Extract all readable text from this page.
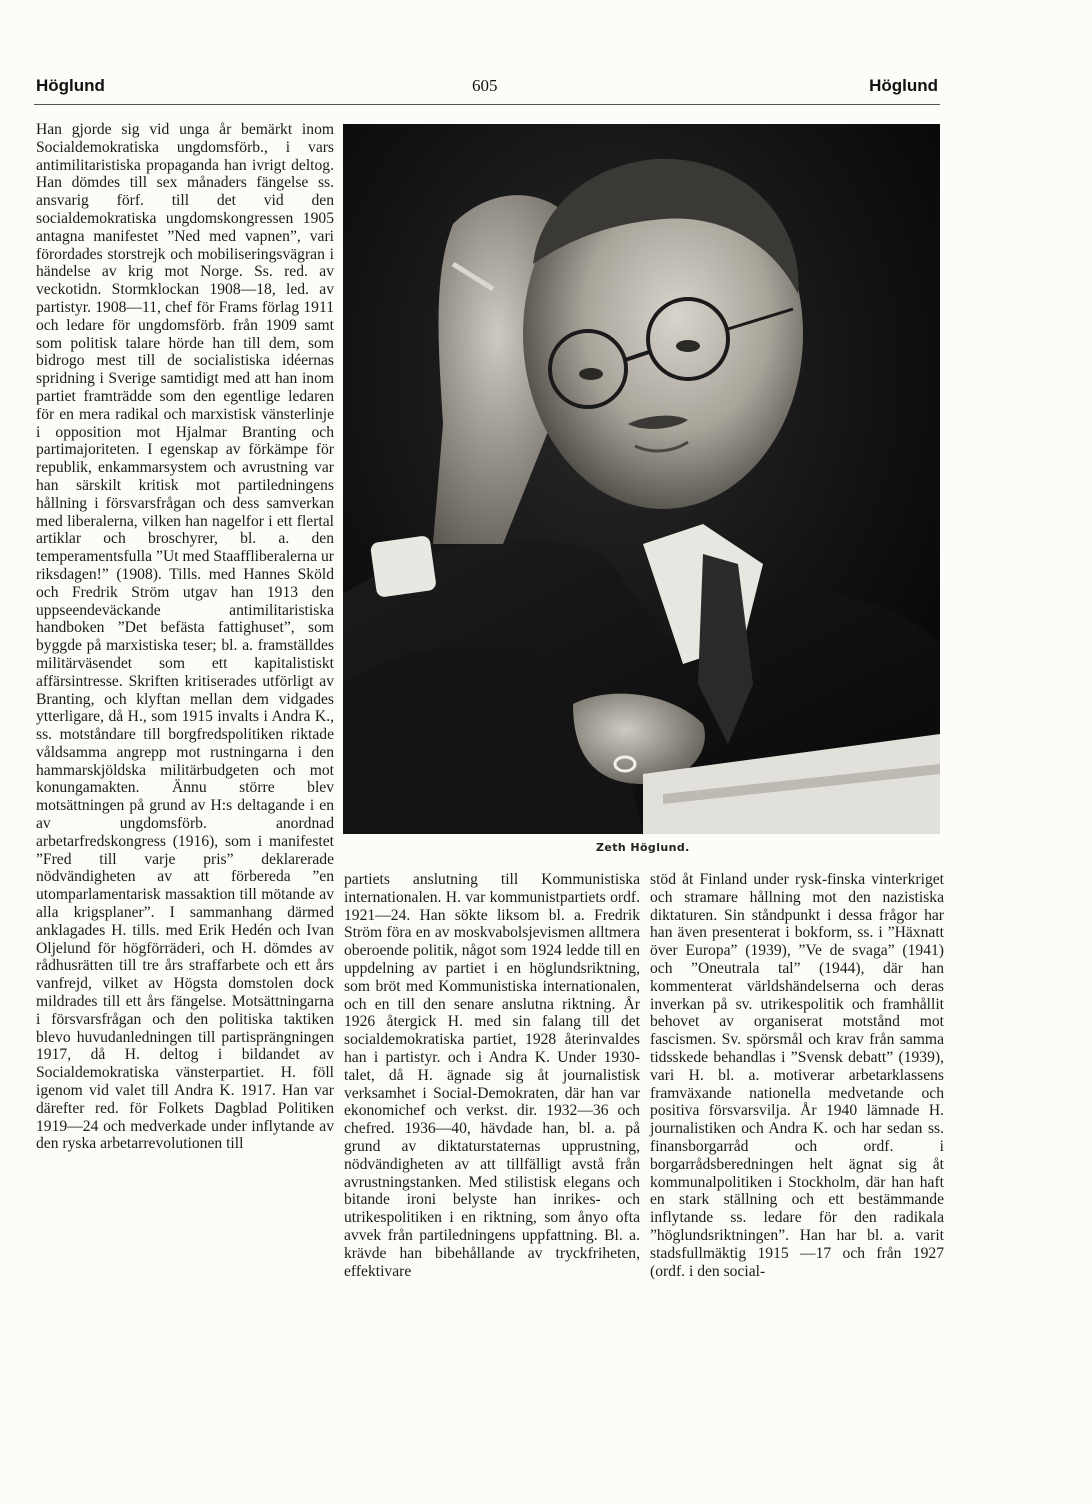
Höglund	605	Höglund

Han gjorde sig vid unga år bemärkt inom Socialdemokratiska ungdomsförb., i vars antimilitaristiska propaganda han ivrigt deltog. Han dömdes till sex månaders fängelse ss. ansvarig förf. till det vid den socialdemokratiska ungdomskongressen 1905 antagna manifestet ”Ned med vapnen”, vari förordades storstrejk och mobiliseringsvägran i händelse av krig mot Norge. Ss. red. av veckotidn. Stormklockan 1908—18, led. av partistyr. 1908—11, chef för Frams förlag 1911 och ledare för ungdomsförb. från 1909 samt som politisk talare hörde han till dem, som bidrogo mest till de socialistiska idéernas spridning i Sverige samtidigt med att han inom partiet framträdde som den egentlige ledaren för en mera radikal och marxistisk vänsterlinje i opposition mot Hjalmar Branting och partimajoriteten. I egenskap av förkämpe för republik, enkammarsystem och avrustning var han särskilt kritisk mot partiledningens hållning i försvarsfrågan och dess samverkan med liberalerna, vilken han nagelfor i ett flertal artiklar och broschyrer, bl. a. den temperamentsfulla ”Ut med Staaffliberalerna ur riksdagen!” (1908). Tills. med Hannes Sköld och Fredrik Ström utgav han 1913 den uppseendeväckande antimilitaristiska handboken ”Det befästa fattighuset”, som byggde på marxistiska teser; bl. a. framställdes militärväsendet som ett kapitalistiskt affärsintresse. Skriften kritiserades utförligt av Branting, och klyftan mellan dem vidgades ytterligare, då H., som 1915 invalts i Andra K., ss. motståndare till borgfredspolitiken riktade våldsamma angrepp mot rustningarna i den hammarskjöldska militärbudgeten och mot konungamakten. Ännu större blev motsättningen på grund av H:s deltagande i en av ungdomsförb. anordnad arbetarfredskongress (1916), som i manifestet ”Fred till varje pris” deklarerade nödvändigheten av att förbereda ”en utomparlamentarisk massaktion till mötande av alla krigsplaner”. I sammanhang därmed anklagades H. tills. med Erik Hedén och Ivan Oljelund för högförräderi, och H. dömdes av rådhusrätten till tre års straffarbete och ett års vanfrejd, vilket av Högsta domstolen dock mildrades till ett års fängelse. Motsättningarna i försvarsfrågan och den politiska taktiken blevo huvudanledningen till partisprängningen 1917, då H. deltog i bildandet av Socialdemokratiska vänsterpartiet. H. föll igenom vid valet till Andra K. 1917. Han var därefter red. för Folkets Dagblad Politiken 1919—24 och medverkade under inflytande av den ryska arbetarrevolutionen till

Zeth Höglund.

partiets anslutning till Kommunistiska internationalen. H. var kommunistpartiets ordf. 1921—24. Han sökte liksom bl. a. Fredrik Ström föra en av moskvabolsjevismen alltmera oberoende politik, något som 1924 ledde till en uppdelning av partiet i en höglundsriktning, som bröt med Kommunistiska internationalen, och en till den senare anslutna riktning. År 1926 återgick H. med sin falang till det socialdemokratiska partiet, 1928 återinvaldes han i partistyr. och i Andra K. Under 1930-talet, då H. ägnade sig åt journalistisk verksamhet i Social-Demokraten, där han var ekonomichef och verkst. dir. 1932—36 och chefred. 1936—40, hävdade han, bl. a. på grund av diktaturstaternas upprustning, nödvändigheten av att tillfälligt avstå från avrustningstanken. Med stilistisk elegans och bitande ironi belyste han inrikes- och utrikespolitiken i en riktning, som ånyo ofta avvek från partiledningens uppfattning. Bl. a. krävde han bibehållande av tryckfriheten, effektivare

stöd åt Finland under rysk-finska vinterkriget och stramare hållning mot den nazistiska diktaturen. Sin ståndpunkt i dessa frågor har han även presenterat i bokform, ss. i ”Häxnatt över Europa” (1939), ”Ve de svaga” (1941) och ”Oneutrala tal” (1944), där han kommenterat världshändelserna och deras inverkan på sv. utrikespolitik och framhållit behovet av organiserat motstånd mot fascismen. Sv. spörsmål och krav från samma tidsskede behandlas i ”Svensk debatt” (1939), vari H. bl. a. motiverar arbetarklassens framväxande nationella medvetande och positiva försvarsvilja. År 1940 lämnade H. journalistiken och Andra K. och har sedan ss. finansborgarråd och ordf. i borgarrådsberedningen helt ägnat sig åt kommunalpolitiken i Stockholm, där han haft en stark ställning och ett bestämmande inflytande ss. ledare för den radikala ”höglundsriktningen”. Han har bl. a. varit stadsfullmäktig 1915 —17 och från 1927 (ordf. i den social-
